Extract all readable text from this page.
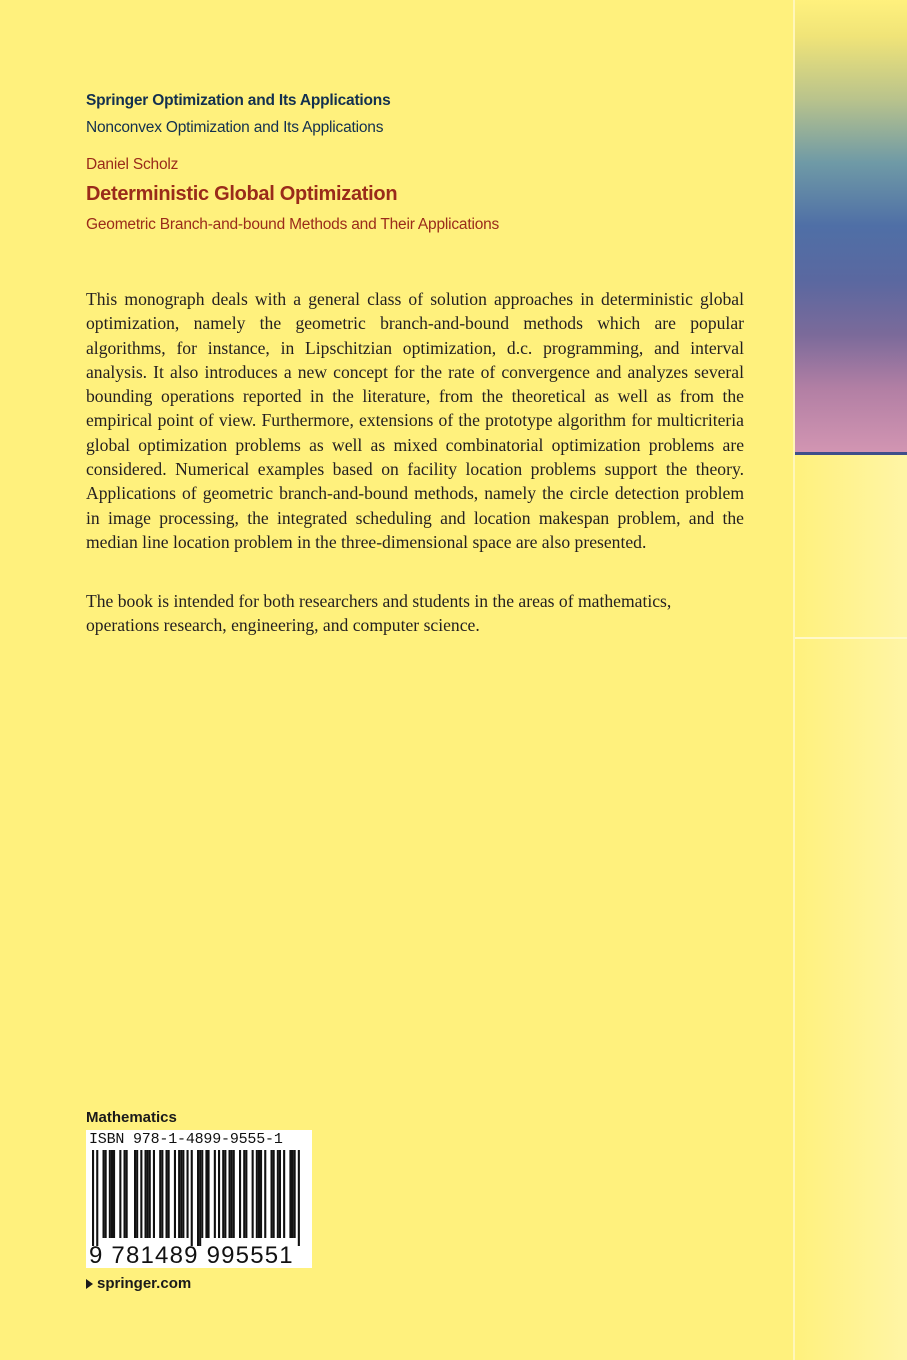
Springer Optimization and Its Applications
Nonconvex Optimization and Its Applications
Daniel Scholz
Deterministic Global Optimization
Geometric Branch-and-bound Methods and Their Applications

This monograph deals with a general class of solution approaches in deterministic global optimization, namely the geometric branch-and-bound methods which are popular algorithms, for instance, in Lipschitzian optimization, d.c. programming, and interval analysis. It also introduces a new concept for the rate of convergence and analyzes several bounding operations reported in the literature, from the theoretical as well as from the empirical point of view. Furthermore, extensions of the prototype algorithm for multicriteria global optimization problems as well as mixed combinatorial optimization problems are considered. Numerical examples based on facility location problems support the theory. Applications of geometric branch-and-bound methods, namely the circle detection problem in image processing, the integrated scheduling and location makespan problem, and the median line location problem in the three-dimensional space are also presented.

The book is intended for both researchers and students in the areas of mathematics, operations research, engineering, and computer science.

Mathematics
ISBN 978-1-4899-9555-1
9 781489 995551
springer.com
